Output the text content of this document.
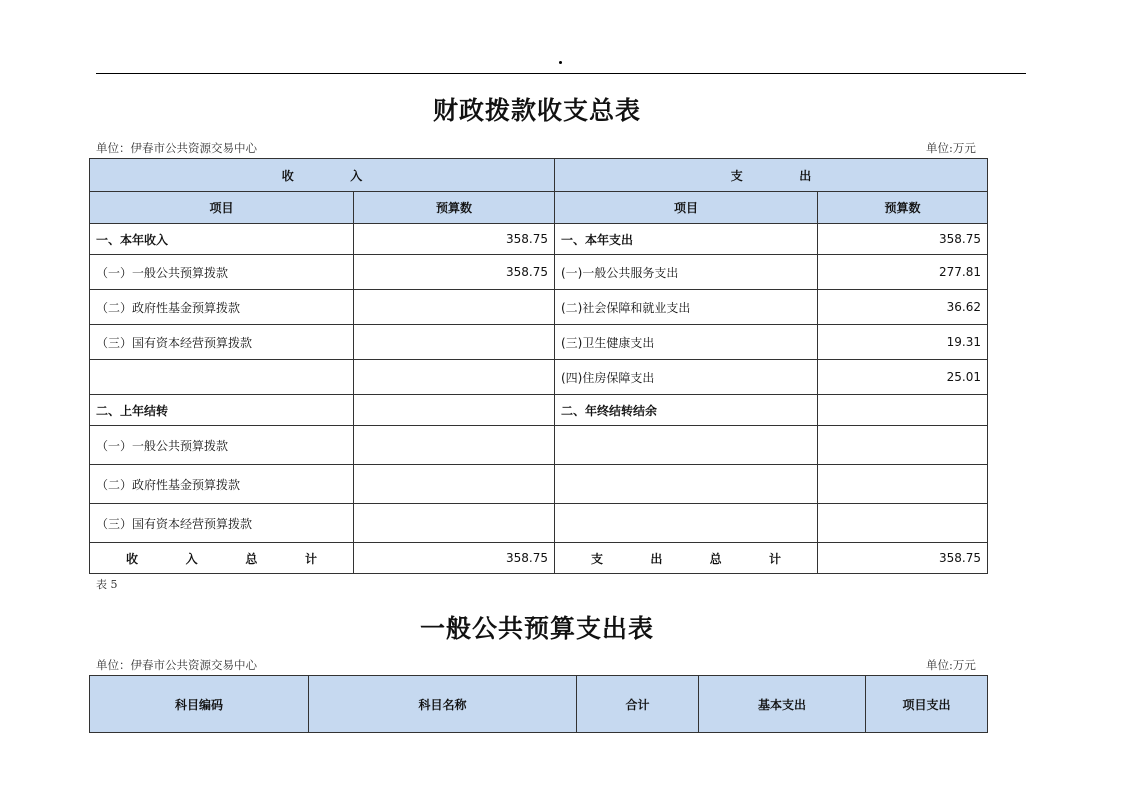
财政拨款收支总表
单位：伊春市公共资源交易中心	单位:万元
收 入		支 出	
项目	预算数	项目	预算数
一、本年收入	358.75	一、本年支出	358.75
（一）一般公共预算拨款	358.75	(一)一般公共服务支出	277.81
（二）政府性基金预算拨款		(二)社会保障和就业支出	36.62
（三）国有资本经营预算拨款		(三)卫生健康支出	19.31
		(四)住房保障支出	25.01
二、上年结转		二、年终结转结余	
（一）一般公共预算拨款			
（二）政府性基金预算拨款			
（三）国有资本经营预算拨款			

收 入 总 计	358.75	支 出 总 计	358.75
表 5
一般公共预算支出表
单位：伊春市公共资源交易中心	单位:万元
科目编码	科目名称	合计	基本支出	项目支出
